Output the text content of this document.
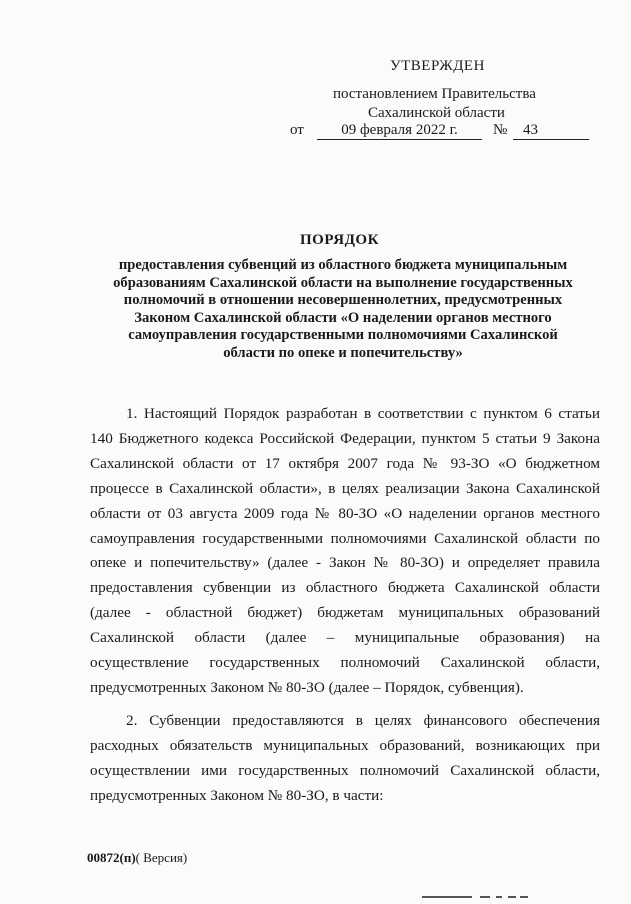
УТВЕРЖДЕН
постановлением Правительства
Сахалинской области
от	09 февраля 2022 г.	№	43
ПОРЯДОК
предоставления субвенций из областного бюджета муниципальным
образованиям Сахалинской области на выполнение государственных
полномочий в отношении несовершеннолетних, предусмотренных
Законом Сахалинской области «О наделении органов местного
самоуправления государственными полномочиями Сахалинской
области по опеке и попечительству»
1. Настоящий Порядок разработан в соответствии с пунктом 6 статьи
140 Бюджетного кодекса Российской Федерации, пунктом 5 статьи 9 Закона
Сахалинской области от 17 октября 2007 года № 93-ЗО «О бюджетном
процессе в Сахалинской области», в целях реализации Закона Сахалинской
области от 03 августа 2009 года № 80-ЗО «О наделении органов местного
самоуправления государственными полномочиями Сахалинской области по
опеке и попечительству» (далее - Закон № 80-ЗО) и определяет правила
предоставления субвенции из областного бюджета Сахалинской области
(далее - областной бюджет) бюджетам муниципальных образований
Сахалинской области (далее – муниципальные образования) на
осуществление государственных полномочий Сахалинской области,
предусмотренных Законом № 80-ЗО (далее – Порядок, субвенция).
2. Субвенции предоставляются в целях финансового обеспечения
расходных обязательств муниципальных образований, возникающих при
осуществлении ими государственных полномочий Сахалинской области,
предусмотренных Законом № 80-ЗО, в части:
00872(п)( Версия)
